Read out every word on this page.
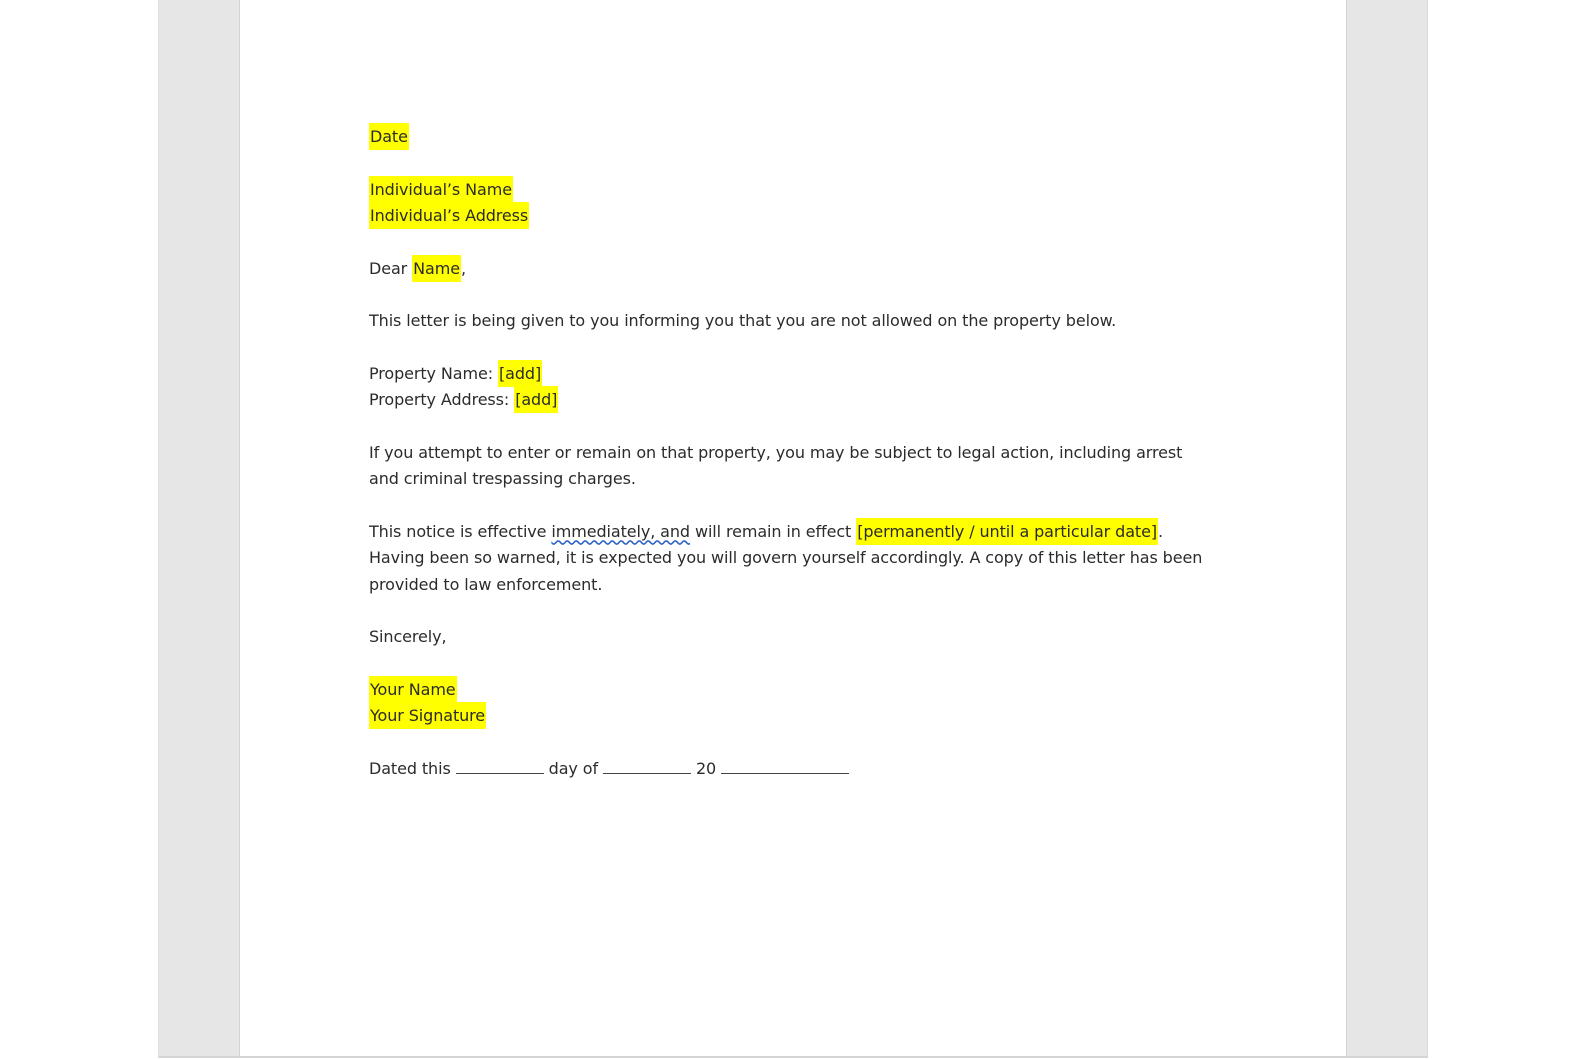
Date
Individual’s Name
Individual’s Address
Dear Name,
This letter is being given to you informing you that you are not allowed on the property below.
Property Name: [add]
Property Address: [add]
If you attempt to enter or remain on that property, you may be subject to legal action, including arrest
and criminal trespassing charges.
This notice is effective immediately, and will remain in effect [permanently / until a particular date].
Having been so warned, it is expected you will govern yourself accordingly. A copy of this letter has been
provided to law enforcement.
Sincerely,
Your Name
Your Signature
Dated this	day of	20
